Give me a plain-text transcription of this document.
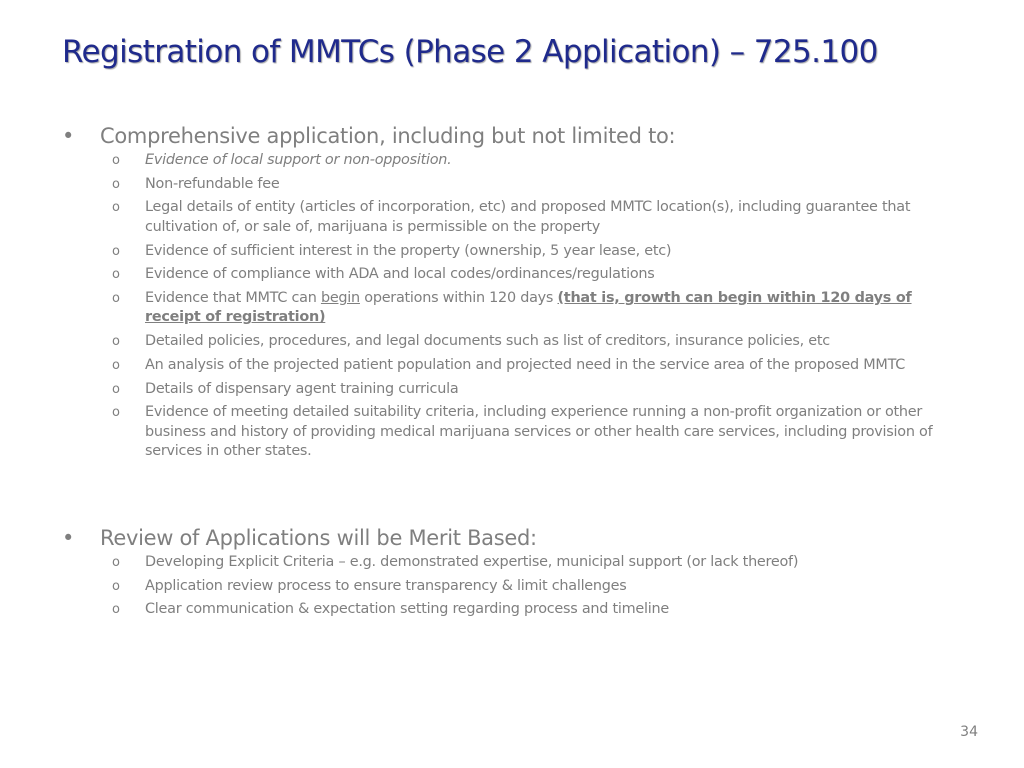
Registration of MMTCs (Phase 2 Application) – 725.100
•	Comprehensive application, including but not limited to:
o	Evidence of local support or non-opposition.
o	Non-refundable fee
o	Legal details of entity (articles of incorporation, etc) and proposed MMTC location(s), including guarantee that cultivation of, or sale of, marijuana is permissible on the property
o	Evidence of sufficient interest in the property (ownership, 5 year lease, etc)
o	Evidence of compliance with ADA and local codes/ordinances/regulations
o	Evidence that MMTC can begin operations within 120 days (that is, growth can begin within 120 days of receipt of registration)
o	Detailed policies, procedures, and legal documents such as list of creditors, insurance policies, etc
o	An analysis of the projected patient population and projected need in the service area of the proposed MMTC
o	Details of dispensary agent training curricula
o	Evidence of meeting detailed suitability criteria, including experience running a non-profit organization or other business and history of providing medical marijuana services or other health care services, including provision of services in other states.
•	Review of Applications will be Merit Based:
o	Developing Explicit Criteria – e.g. demonstrated expertise, municipal support (or lack thereof)
o	Application review process to ensure transparency & limit challenges
o	Clear communication & expectation setting regarding process and timeline
34
